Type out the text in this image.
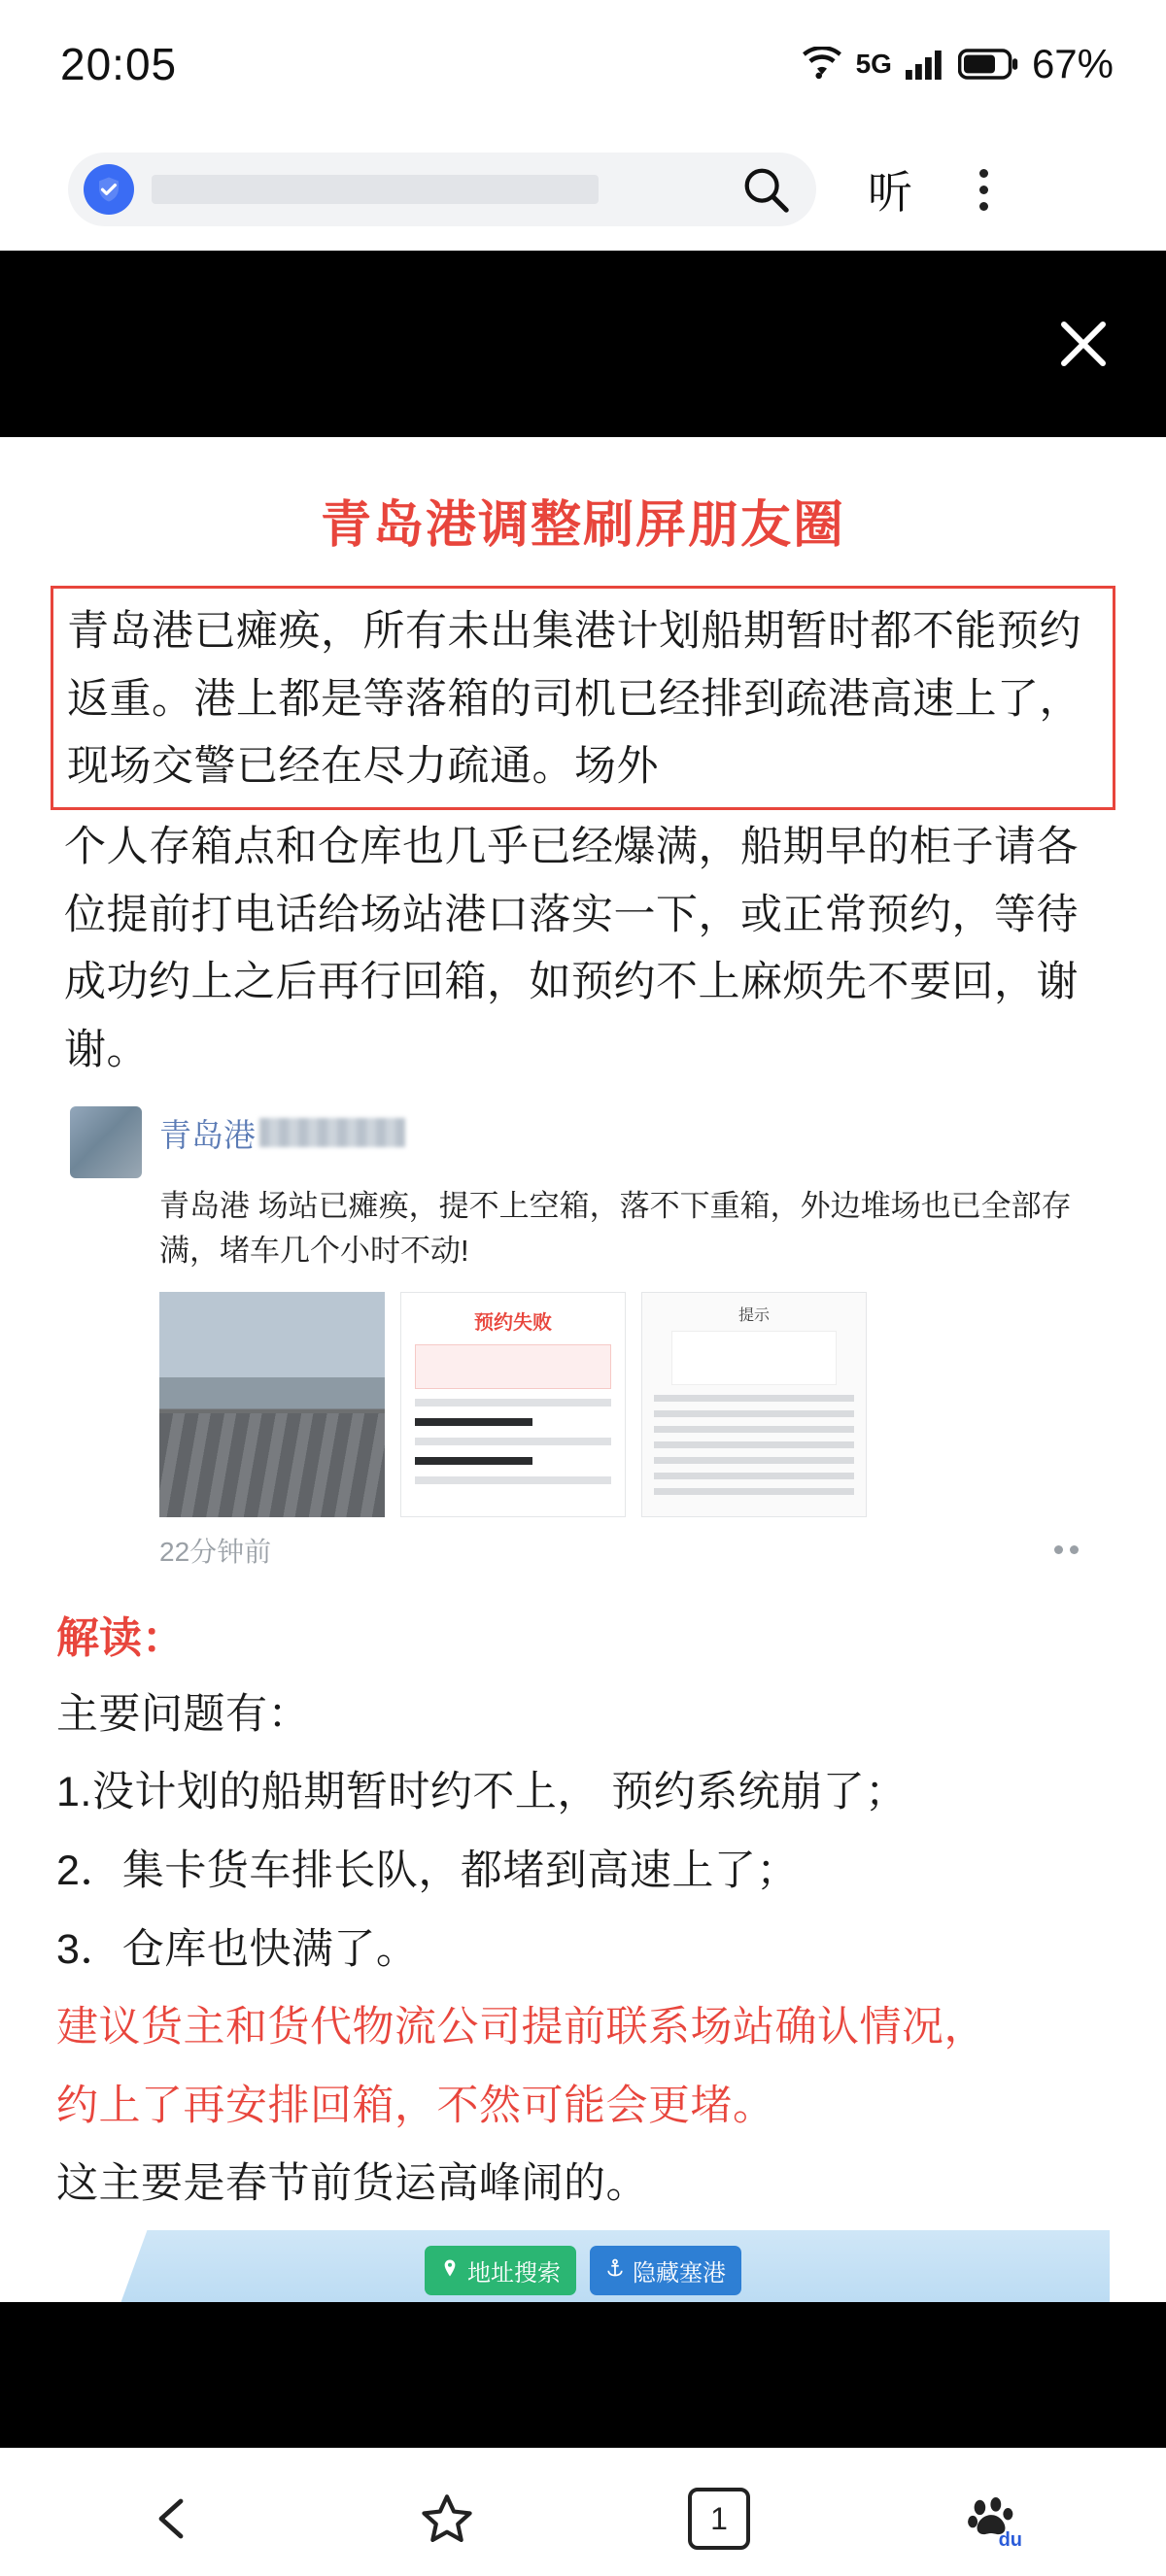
20:05	5G	67%
听
青岛港调整刷屏朋友圈
青岛港已瘫痪，所有未出集港计划船期暂时都不能预约返重。港上都是等落箱的司机已经排到疏港高速上了，现场交警已经在尽力疏通。场外
个人存箱点和仓库也几乎已经爆满，船期早的柜子请各位提前打电话给场站港口落实一下，或正常预约，等待成功约上之后再行回箱，如预约不上麻烦先不要回，谢谢。
青岛港
青岛港 场站已瘫痪，提不上空箱，落不下重箱，外边堆场也已全部存满，堵车几个小时不动!
预约失败	提示
22分钟前
解读：
主要问题有：
1.没计划的船期暂时约不上， 预约系统崩了；
2．集卡货车排长队，都堵到高速上了；
3．仓库也快满了。
建议货主和货代物流公司提前联系场站确认情况，
约上了再安排回箱，不然可能会更堵。
这主要是春节前货运高峰闹的。
地址搜索	隐藏塞港
1
du
